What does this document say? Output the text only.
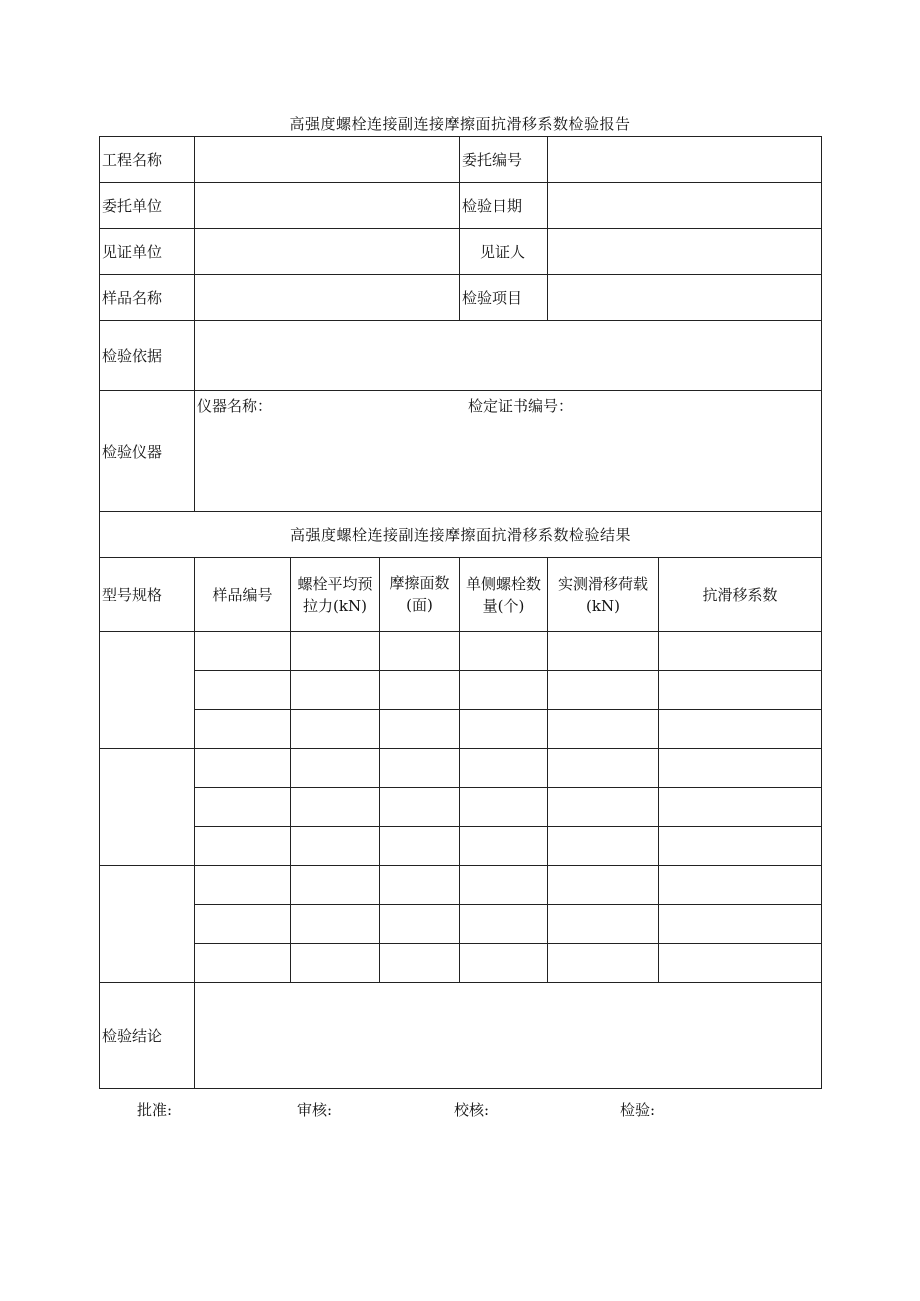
高强度螺栓连接副连接摩擦面抗滑移系数检验报告
工程名称				委托编号		
委托单位				检验日期		
见证单位				见证人		
样品名称				检验项目		
检验依据						
检验仪器	仪器名称： 检定证书编号：					

高强度螺栓连接副连接摩擦面抗滑移系数检验结果						
型号规格	样品编号	螺栓平均预拉力(kN)	摩擦面数(面)	单侧螺栓数量(个)	实测滑移荷载(kN)	抗滑移系数

检验结论						
批准:	审核:	校核:	检验:
